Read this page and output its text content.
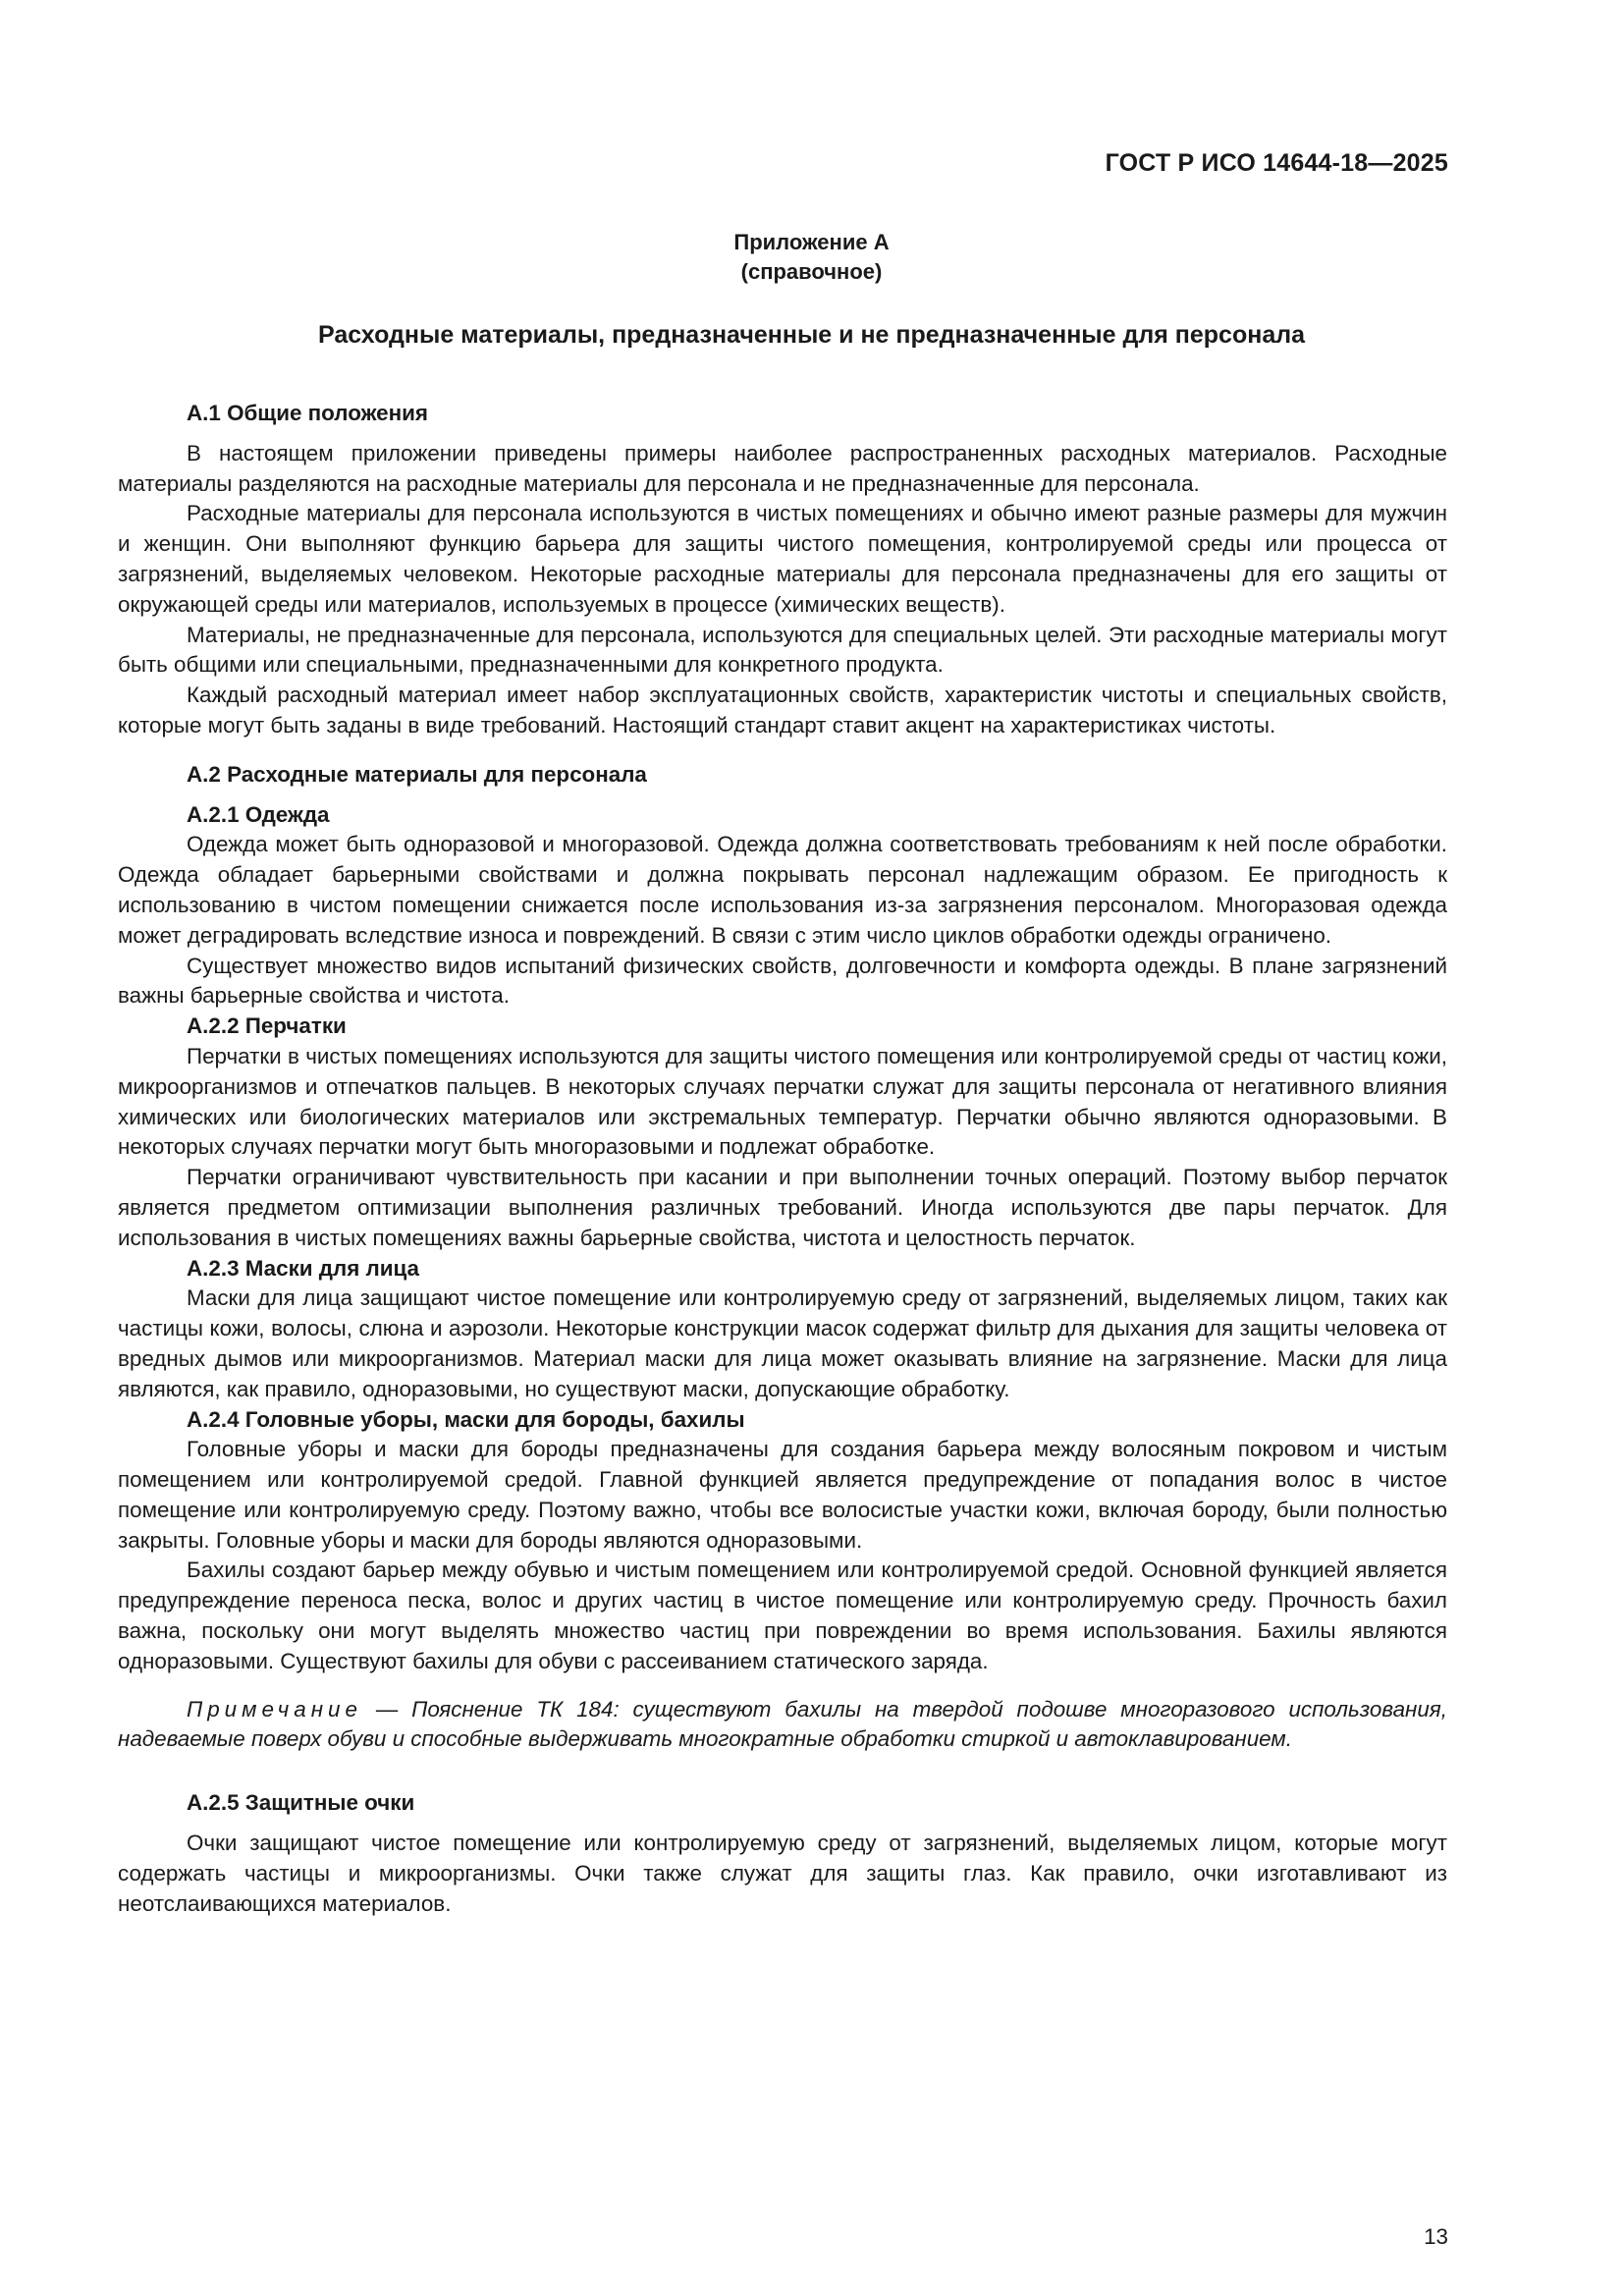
ГОСТ Р ИСО 14644-18—2025
Приложение А
(справочное)
Расходные материалы, предназначенные и не предназначенные для персонала
А.1 Общие положения

В настоящем приложении приведены примеры наиболее распространенных расходных материалов. Расходные материалы разделяются на расходные материалы для персонала и не предназначенные для персонала.

Расходные материалы для персонала используются в чистых помещениях и обычно имеют разные размеры для мужчин и женщин. Они выполняют функцию барьера для защиты чистого помещения, контролируемой среды или процесса от загрязнений, выделяемых человеком. Некоторые расходные материалы для персонала предназначены для его защиты от окружающей среды или материалов, используемых в процессе (химических веществ).

Материалы, не предназначенные для персонала, используются для специальных целей. Эти расходные материалы могут быть общими или специальными, предназначенными для конкретного продукта.

Каждый расходный материал имеет набор эксплуатационных свойств, характеристик чистоты и специальных свойств, которые могут быть заданы в виде требований. Настоящий стандарт ставит акцент на характеристиках чистоты.

А.2 Расходные материалы для персонала
А.2.1 Одежда

Одежда может быть одноразовой и многоразовой. Одежда должна соответствовать требованиям к ней после обработки. Одежда обладает барьерными свойствами и должна покрывать персонал надлежащим образом. Ее пригодность к использованию в чистом помещении снижается после использования из-за загрязнения персоналом. Многоразовая одежда может деградировать вследствие износа и повреждений. В связи с этим число циклов обработки одежды ограничено.

Существует множество видов испытаний физических свойств, долговечности и комфорта одежды. В плане загрязнений важны барьерные свойства и чистота.

А.2.2 Перчатки

Перчатки в чистых помещениях используются для защиты чистого помещения или контролируемой среды от частиц кожи, микроорганизмов и отпечатков пальцев. В некоторых случаях перчатки служат для защиты персонала от негативного влияния химических или биологических материалов или экстремальных температур. Перчатки обычно являются одноразовыми. В некоторых случаях перчатки могут быть многоразовыми и подлежат обработке.

Перчатки ограничивают чувствительность при касании и при выполнении точных операций. Поэтому выбор перчаток является предметом оптимизации выполнения различных требований. Иногда используются две пары перчаток. Для использования в чистых помещениях важны барьерные свойства, чистота и целостность перчаток.

А.2.3 Маски для лица

Маски для лица защищают чистое помещение или контролируемую среду от загрязнений, выделяемых лицом, таких как частицы кожи, волосы, слюна и аэрозоли. Некоторые конструкции масок содержат фильтр для дыхания для защиты человека от вредных дымов или микроорганизмов. Материал маски для лица может оказывать влияние на загрязнение. Маски для лица являются, как правило, одноразовыми, но существуют маски, допускающие обработку.

А.2.4 Головные уборы, маски для бороды, бахилы

Головные уборы и маски для бороды предназначены для создания барьера между волосяным покровом и чистым помещением или контролируемой средой. Главной функцией является предупреждение от попадания волос в чистое помещение или контролируемую среду. Поэтому важно, чтобы все волосистые участки кожи, включая бороду, были полностью закрыты. Головные уборы и маски для бороды являются одноразовыми.

Бахилы создают барьер между обувью и чистым помещением или контролируемой средой. Основной функцией является предупреждение переноса песка, волос и других частиц в чистое помещение или контролируемую среду. Прочность бахил важна, поскольку они могут выделять множество частиц при повреждении во время использования. Бахилы являются одноразовыми. Существуют бахилы для обуви с рассеиванием статического заряда.

Примечание — Пояснение ТК 184: существуют бахилы на твердой подошве многоразового использования, надеваемые поверх обуви и способные выдерживать многократные обработки стиркой и автоклавированием.

А.2.5 Защитные очки

Очки защищают чистое помещение или контролируемую среду от загрязнений, выделяемых лицом, которые могут содержать частицы и микроорганизмы. Очки также служат для защиты глаз. Как правило, очки изготавливают из неотслаивающихся материалов.

13
